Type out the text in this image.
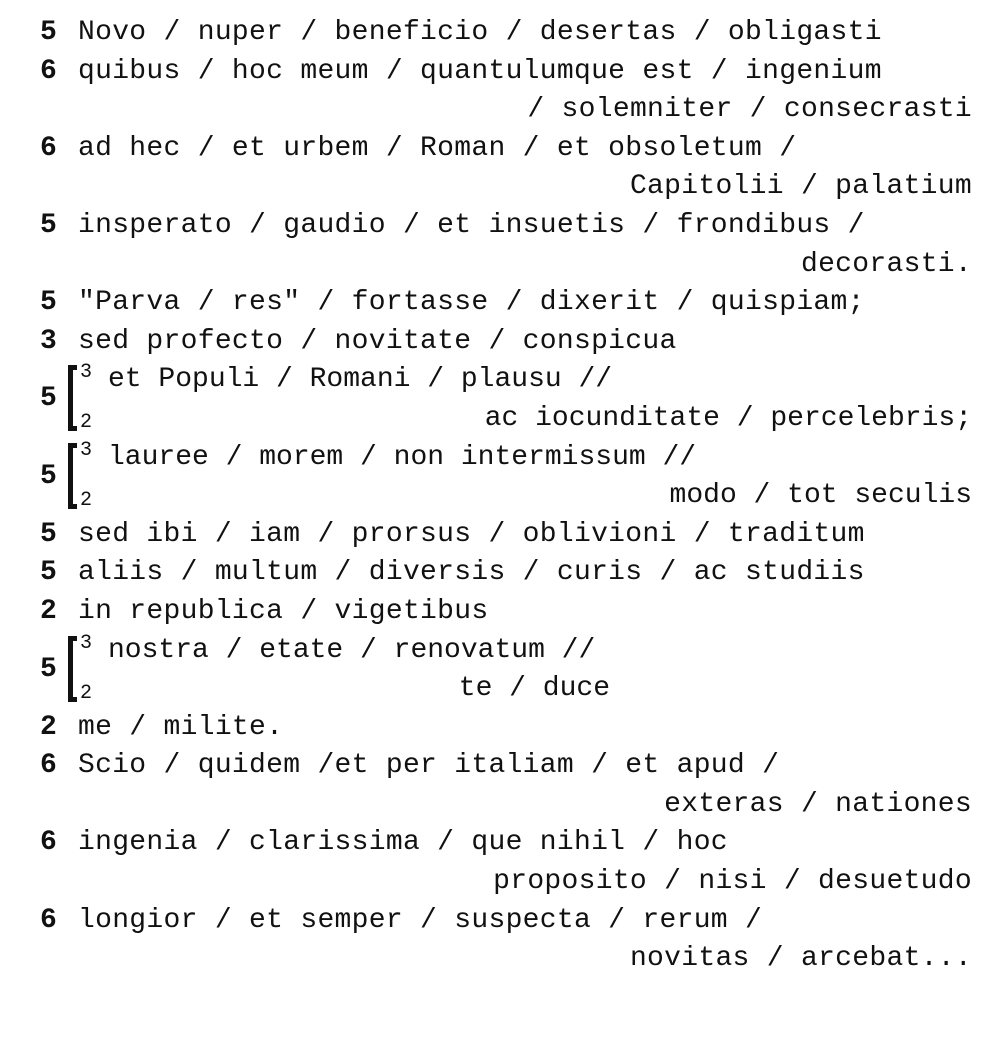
5

Novo / nuper / beneficio / desertas / obligasti

6

quibus / hoc meum / quantulumque est / ingenium

/ solemniter / consecrasti

6

ad hec / et urbem / Roman / et obsoletum /

Capitolii / palatium

5

insperato / gaudio / et insuetis / frondibus /

decorasti.

5

"Parva / res" / fortasse / dixerit / quispiam;

3

sed profecto / novitate / conspicua

5
3
2
et Populi / Romani / plausu //
ac iocunditate / percelebris;
5
3
2
lauree / morem / non intermissum //
modo / tot seculis

5

sed ibi / iam / prorsus / oblivioni / traditum

5

aliis / multum / diversis / curis / ac studiis

2

in republica / vigetibus

5
3
2
nostra / etate / renovatum //
te / duce

2

me / milite.

6

Scio / quidem /et per italiam / et apud /

exteras / nationes

6

ingenia / clarissima / que nihil / hoc

proposito / nisi / desuetudo

6

longior / et semper / suspecta / rerum /

novitas / arcebat...
